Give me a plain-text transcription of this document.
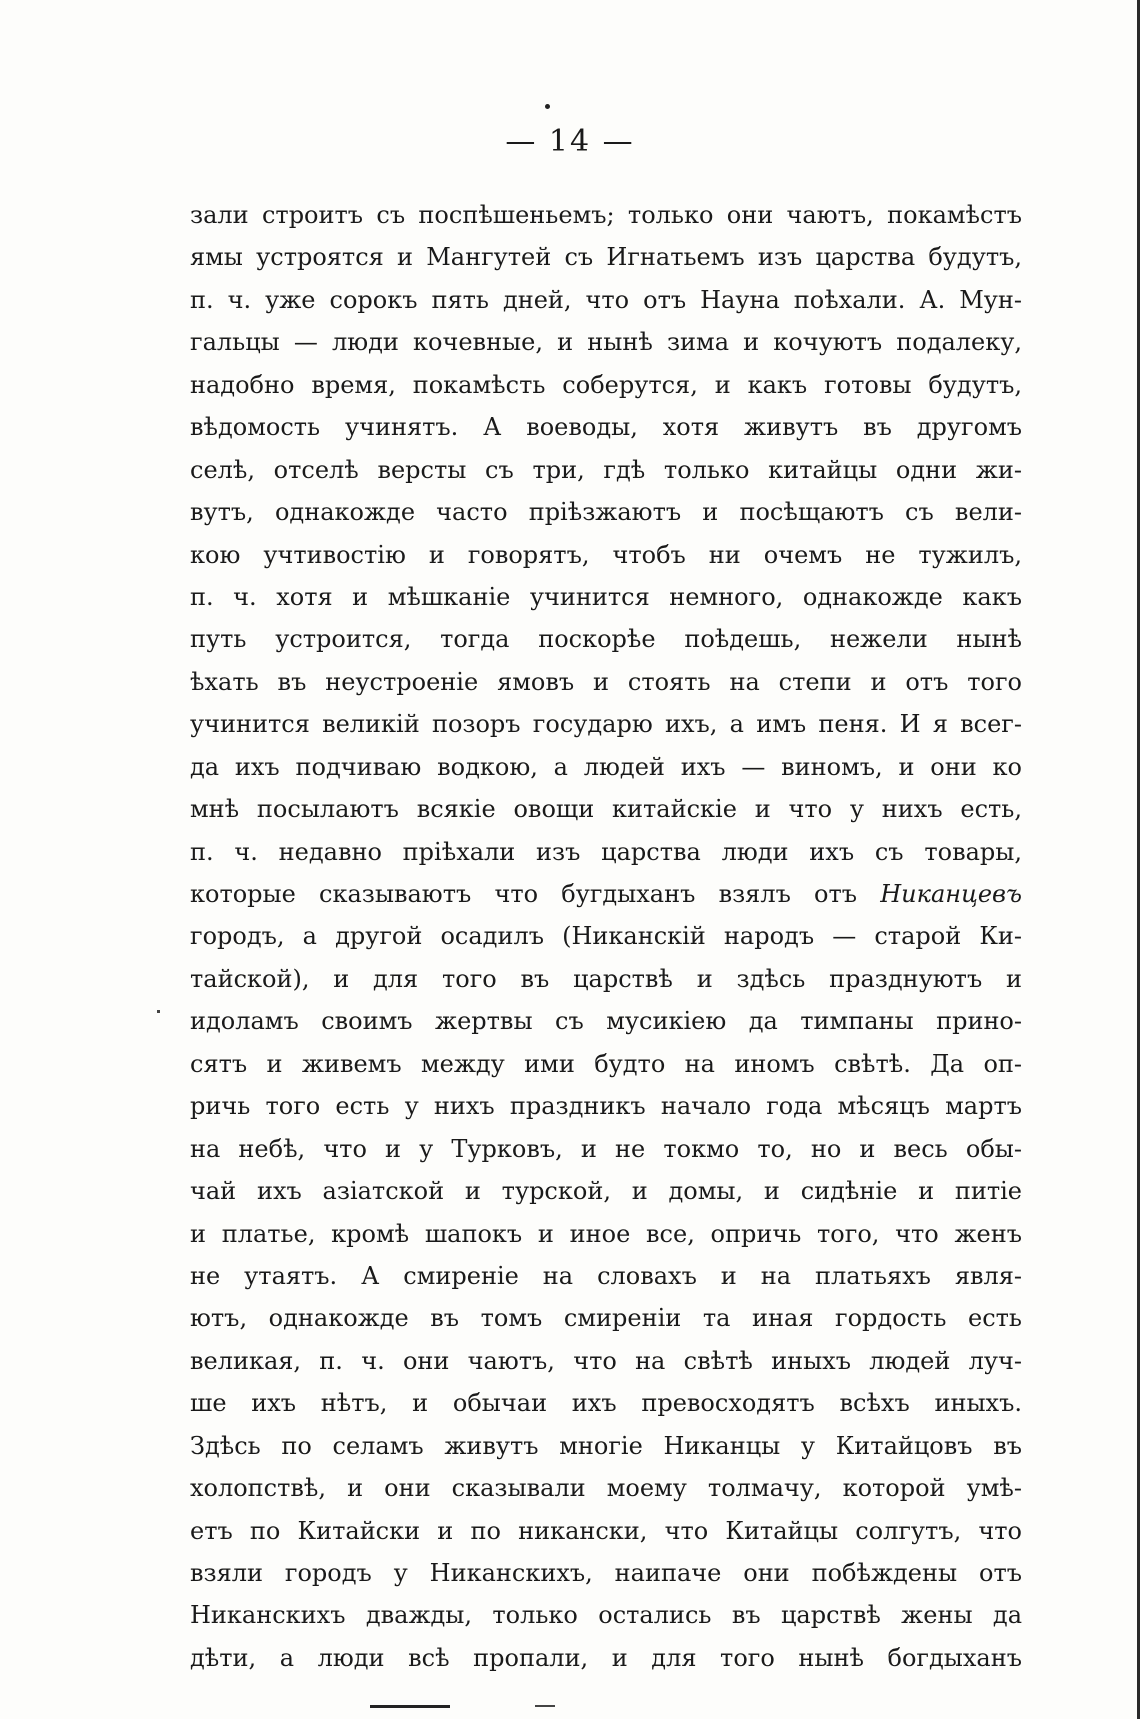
— 14 —
зали строитъ съ поспѣшеньемъ; только они чаютъ, покамѣстъ
ямы устроятся и Мангутей съ Игнатьемъ изъ царства будутъ,
п. ч. уже сорокъ пять дней, что отъ Науна поѣхали. А. Мун-
гальцы — люди кочевные, и нынѣ зима и кочуютъ подалеку,
надобно время, покамѣсть соберутся, и какъ готовы будутъ,
вѣдомость учинятъ. А воеводы, хотя живутъ въ другомъ
селѣ, отселѣ версты съ три, гдѣ только китайцы одни жи-
вутъ, однакожде часто пріѣзжаютъ и посѣщаютъ съ вели-
кою учтивостію и говорятъ, чтобъ ни очемъ не тужилъ,
п. ч. хотя и мѣшканіе учинится немного, однакожде какъ
путь устроится, тогда поскорѣе поѣдешь, нежели нынѣ
ѣхать въ неустроеніе ямовъ и стоять на степи и отъ того
учинится великій позоръ государю ихъ, а имъ пеня. И я всег-
да ихъ подчиваю водкою, а людей ихъ — виномъ, и они ко
мнѣ посылаютъ всякіе овощи китайскіе и что у нихъ есть,
п. ч. недавно пріѣхали изъ царства люди ихъ съ товары,
которые сказываютъ что бугдыханъ взялъ отъ Никанцевъ
городъ, а другой осадилъ (Никанскій народъ — старой Ки-
тайской), и для того въ царствѣ и здѣсь празднуютъ и
идоламъ своимъ жертвы съ мусикіею да тимпаны прино-
сятъ и живемъ между ими будто на иномъ свѣтѣ. Да оп-
ричь того есть у нихъ праздникъ начало года мѣсяцъ мартъ
на небѣ, что и у Турковъ, и не токмо то, но и весь обы-
чай ихъ азіатской и турской, и домы, и сидѣніе и питіе
и платье, кромѣ шапокъ и иное все, опричь того, что женъ
не утаятъ. А смиреніе на словахъ и на платьяхъ явля-
ютъ, однакожде въ томъ смиреніи та иная гордость есть
великая, п. ч. они чаютъ, что на свѣтѣ иныхъ людей луч-
ше ихъ нѣтъ, и обычаи ихъ превосходятъ всѣхъ иныхъ.
Здѣсь по селамъ живутъ многіе Никанцы у Китайцовъ въ
холопствѣ, и они сказывали моему толмачу, которой умѣ-
етъ по Китайски и по никански, что Китайцы солгутъ, что
взяли городъ у Никанскихъ, наипаче они побѣждены отъ
Никанскихъ дважды, только остались въ царствѣ жены да
дѣти, а люди всѣ пропали, и для того нынѣ богдыханъ
